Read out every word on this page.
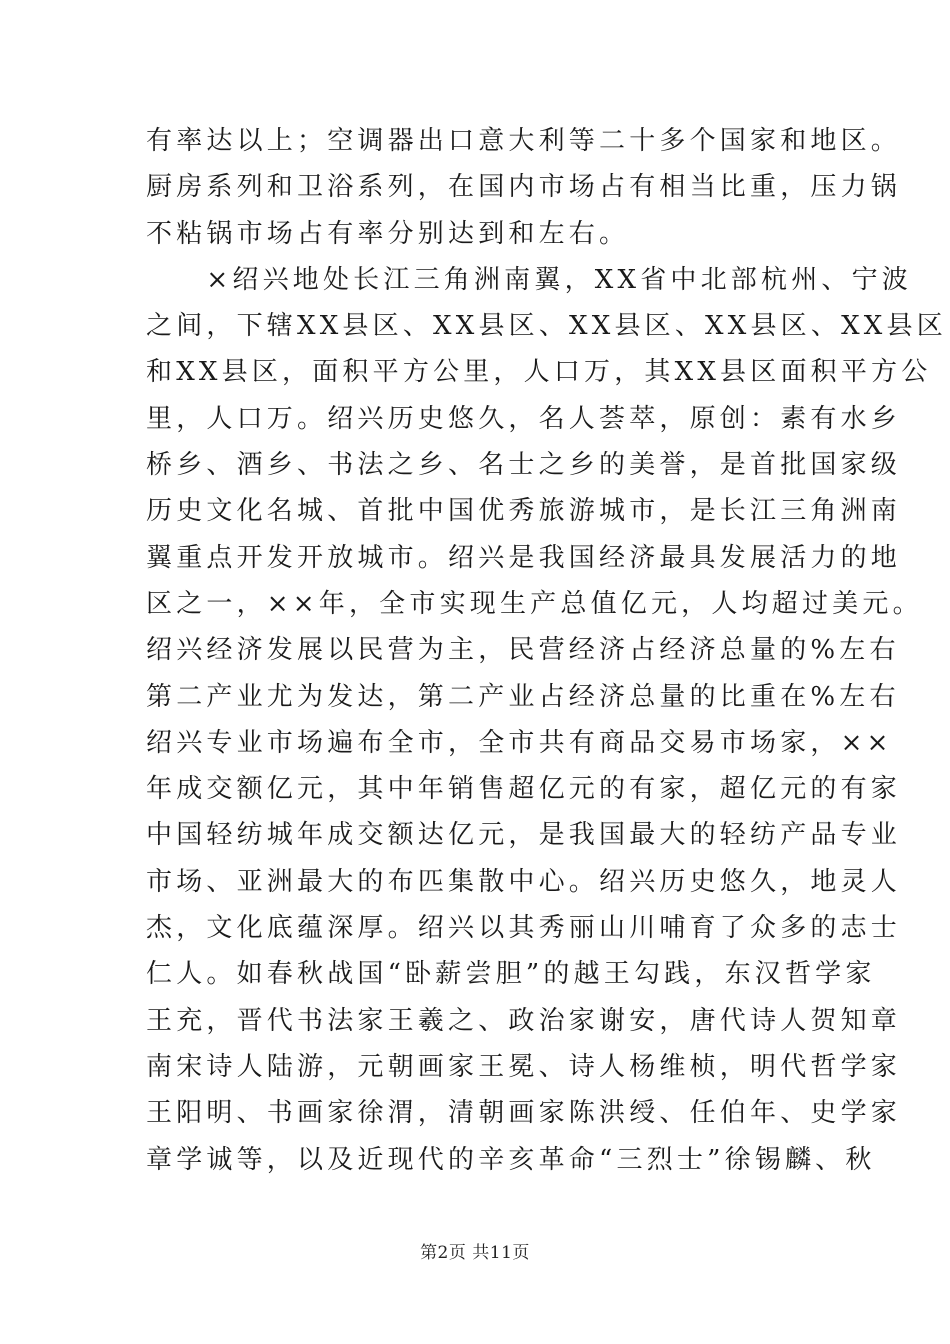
有率达以上；空调器出口意大利等二十多个国家和地区。
厨房系列和卫浴系列，在国内市场占有相当比重，压力锅
不粘锅市场占有率分别达到和左右。
　　×绍兴地处长江三角洲南翼，XX省中北部杭州、宁波
之间，下辖XX县区、XX县区、XX县区、XX县区、XX县区
和XX县区，面积平方公里，人口万，其XX县区面积平方公
里，人口万。绍兴历史悠久，名人荟萃，原创：素有水乡
桥乡、酒乡、书法之乡、名士之乡的美誉，是首批国家级
历史文化名城、首批中国优秀旅游城市，是长江三角洲南
翼重点开发开放城市。绍兴是我国经济最具发展活力的地
区之一，××年，全市实现生产总值亿元，人均超过美元。
绍兴经济发展以民营为主，民营经济占经济总量的%左右
第二产业尤为发达，第二产业占经济总量的比重在%左右
绍兴专业市场遍布全市，全市共有商品交易市场家，××
年成交额亿元，其中年销售超亿元的有家，超亿元的有家
中国轻纺城年成交额达亿元，是我国最大的轻纺产品专业
市场、亚洲最大的布匹集散中心。绍兴历史悠久，地灵人
杰，文化底蕴深厚。绍兴以其秀丽山川哺育了众多的志士
仁人。如春秋战国“卧薪尝胆”的越王勾践，东汉哲学家
王充，晋代书法家王羲之、政治家谢安，唐代诗人贺知章
南宋诗人陆游，元朝画家王冕、诗人杨维桢，明代哲学家
王阳明、书画家徐渭，清朝画家陈洪绶、任伯年、史学家
章学诚等，以及近现代的辛亥革命“三烈士”徐锡麟、秋
第2页 共11页
